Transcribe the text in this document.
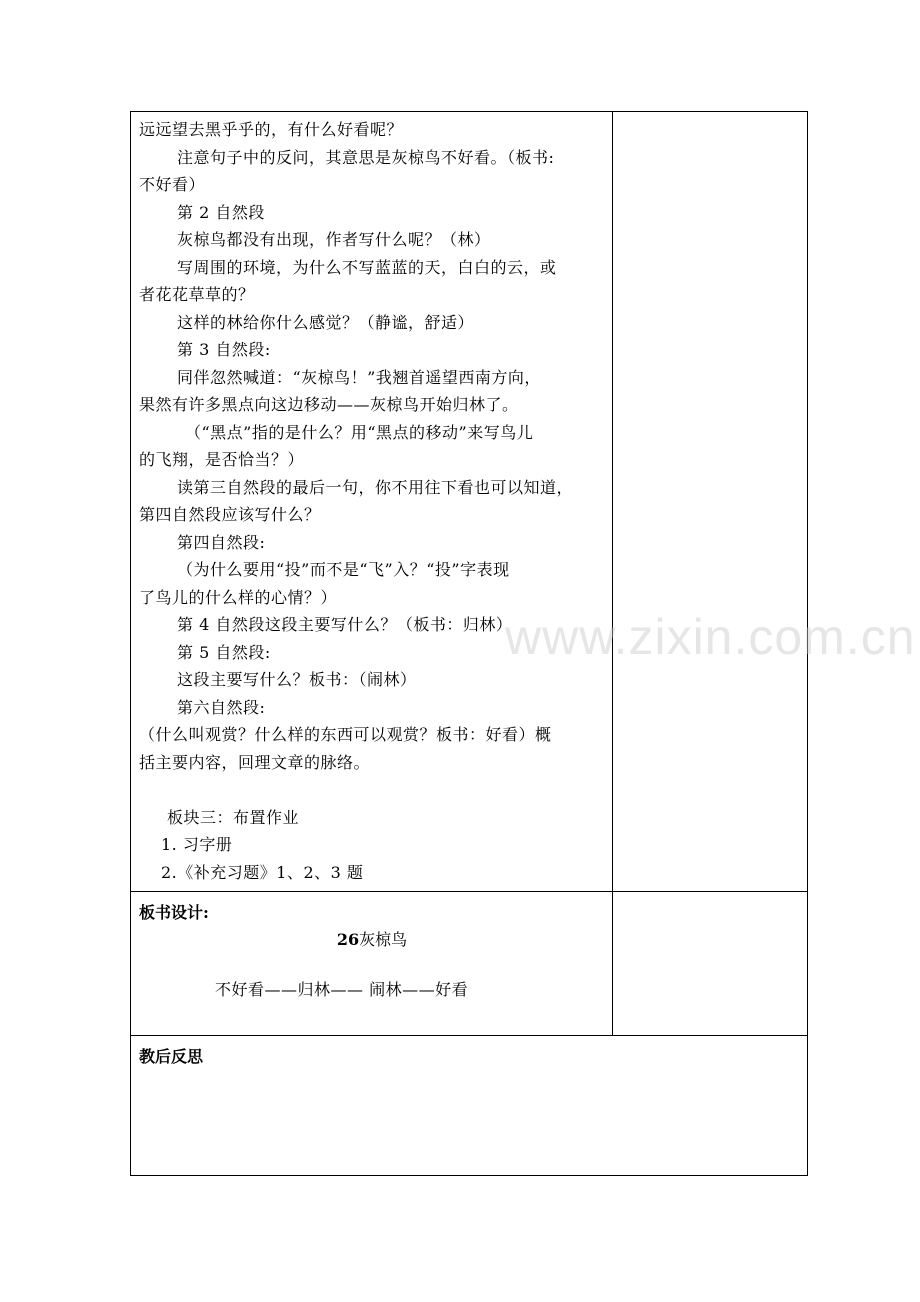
远远望去黑乎乎的，有什么好看呢？
注意句子中的反问，其意思是灰椋鸟不好看。（板书:
不好看）
第 2 自然段
灰椋鸟都没有出现，作者写什么呢？（林）
写周围的环境，为什么不写蓝蓝的天，白白的云，或
者花花草草的？
这样的林给你什么感觉？（静谧，舒适）
第 3 自然段:
同伴忽然喊道：“灰椋鸟！”我翘首遥望西南方向，
果然有许多黑点向这边移动——灰椋鸟开始归林了。
（“黑点”指的是什么？用“黑点的移动”来写鸟儿
的飞翔，是否恰当？）
读第三自然段的最后一句，你不用往下看也可以知道，
第四自然段应该写什么？
第四自然段:
（为什么要用“投”而不是“飞”入？“投”字表现
了鸟儿的什么样的心情？）
第 4 自然段这段主要写什么？（板书：归林）
第 5 自然段:
这段主要写什么？板书：（闹林）
第六自然段:
（什么叫观赏？什么样的东西可以观赏？板书：好看）概
括主要内容，回理文章的脉络。
板块三：布置作业
1. 习字册
2.《补充习题》1、2、3 题
板书设计:
26灰椋鸟
不好看——归林—— 闹林——好看
教后反思
www.zixin.com.cn
